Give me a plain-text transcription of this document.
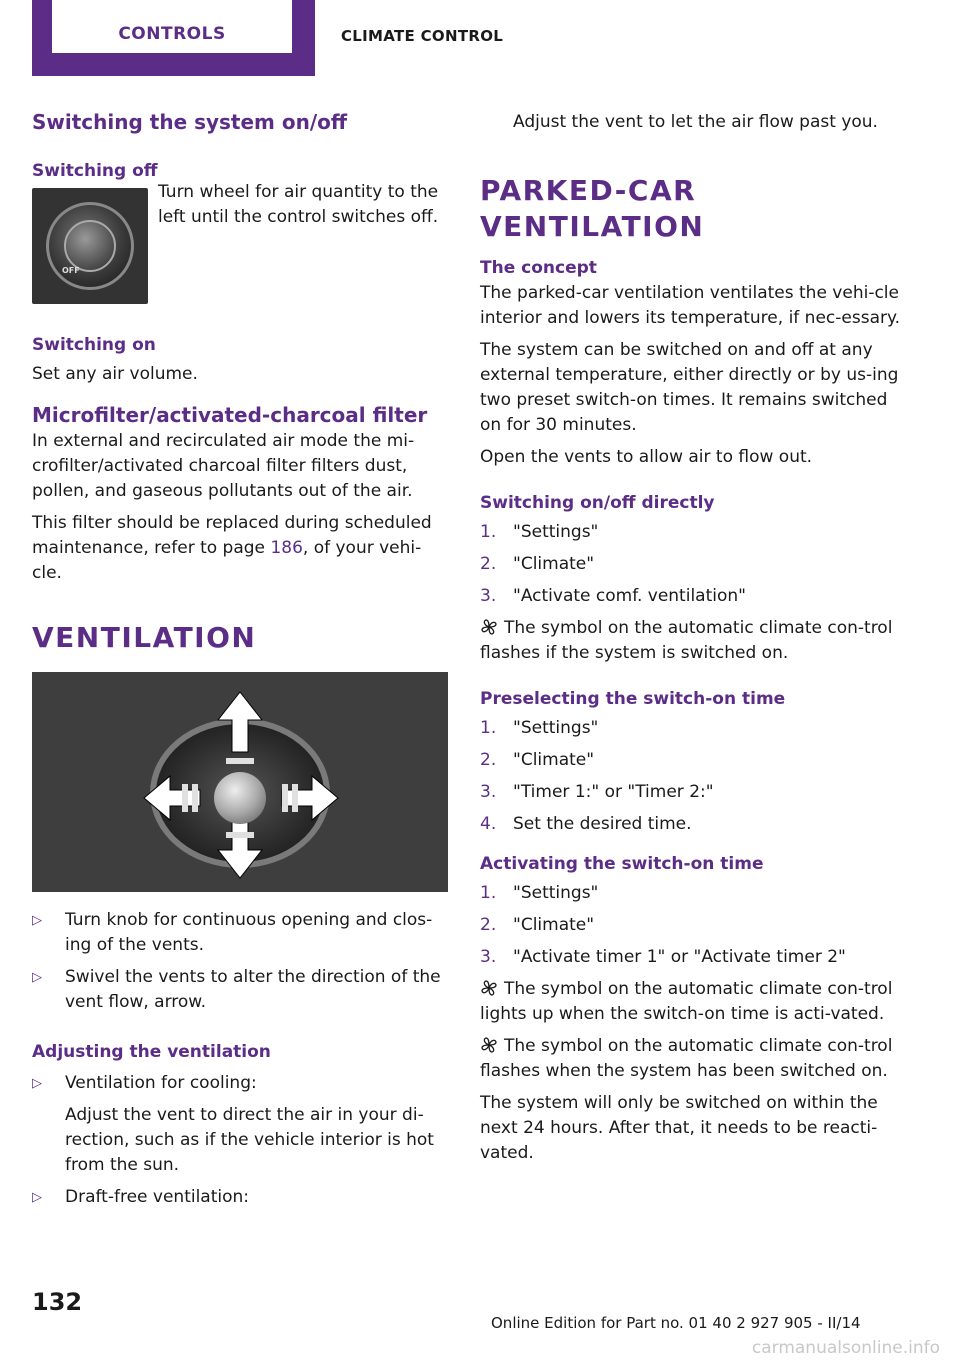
CONTROLS	CLIMATE CONTROL
Switching the system on/off
Switching off
OFF

Turn wheel for air quantity to the left until the control switches off.

Switching on

Set any air volume.

Microfilter/activated-charcoal filter

In external and recirculated air mode the mi‐crofilter/activated charcoal filter filters dust, pollen, and gaseous pollutants out of the air.

This filter should be replaced during scheduled maintenance, refer to page 186, of your vehi‐cle.

VENTILATION
▷	Turn knob for continuous opening and clos‐ing of the vents.
▷	Swivel the vents to alter the direction of the vent flow, arrow.
Adjusting the ventilation
▷	Ventilation for cooling:

Adjust the vent to direct the air in your di‐rection, such as if the vehicle interior is hot from the sun.

▷	Draft-free ventilation:

Adjust the vent to let the air flow past you.

PARKED-CAR VENTILATION
The concept

The parked-car ventilation ventilates the vehi‐cle interior and lowers its temperature, if nec‐essary.

The system can be switched on and off at any external temperature, either directly or by us‐ing two preset switch-on times. It remains switched on for 30 minutes.

Open the vents to allow air to flow out.

Switching on/off directly
1. "Settings"
2. "Climate"
3. "Activate comf. ventilation"

The symbol on the automatic climate con‐trol flashes if the system is switched on.

Preselecting the switch-on time
1. "Settings"
2. "Climate"
3. "Timer 1:" or "Timer 2:"
4. Set the desired time.
Activating the switch-on time
1. "Settings"
2. "Climate"
3. "Activate timer 1" or "Activate timer 2"

The symbol on the automatic climate con‐trol lights up when the switch-on time is acti‐vated.

The symbol on the automatic climate con‐trol flashes when the system has been switched on.

The system will only be switched on within the next 24 hours. After that, it needs to be reacti‐vated.

132
Online Edition for Part no. 01 40 2 927 905 - II/14
carmanualsonline.info
